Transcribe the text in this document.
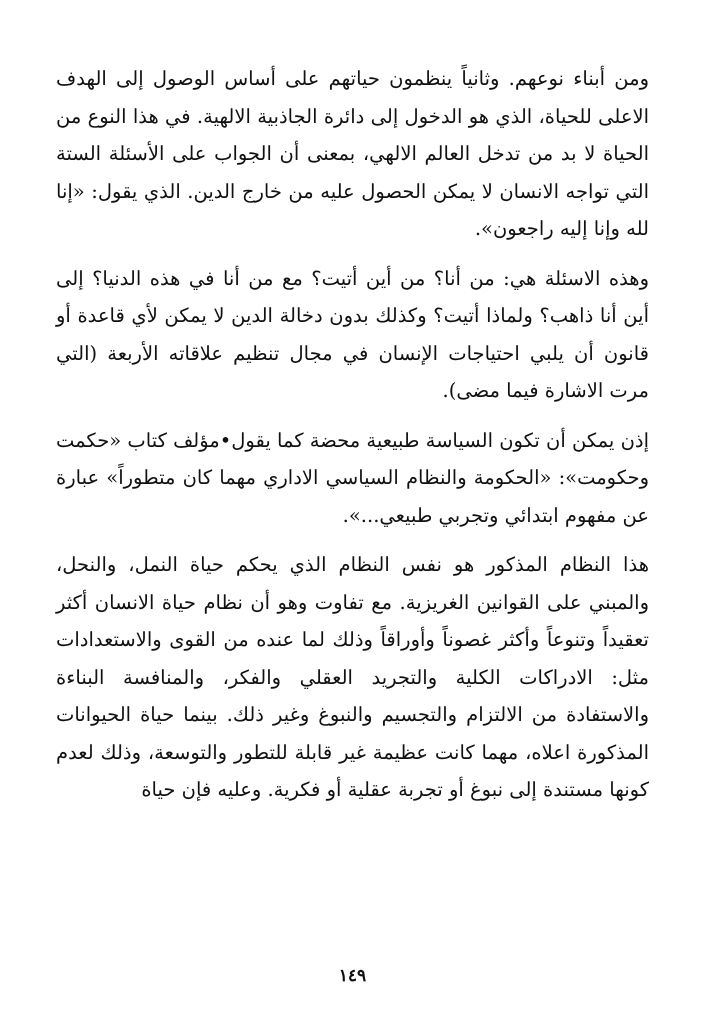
ومن أبناء نوعهم. وثانياً ينظمون حياتهم على أساس الوصول إلى الهدف الاعلى للحياة، الذي هو الدخول إلى دائرة الجاذبية الالهية. في هذا النوع من الحياة لا بد من تدخل العالم الالهي، بمعنى أن الجواب على الأسئلة الستة التي تواجه الانسان لا يمكن الحصول عليه من خارج الدين. الذي يقول: «إنا لله وإنا إليه راجعون».

وهذه الاسئلة هي: من أنا؟ من أين أتيت؟ مع من أنا في هذه الدنيا؟ إلى أين أنا ذاهب؟ ولماذا أتيت؟ وكذلك بدون دخالة الدين لا يمكن لأي قاعدة أو قانون أن يلبي احتياجات الإنسان في مجال تنظيم علاقاته الأربعة (التي مرت الاشارة فيما مضى).

إذن يمكن أن تكون السياسة طبيعية محضة كما يقول•مؤلف كتاب «حكمت وحكومت»: «الحكومة والنظام السياسي الاداري مهما كان متطوراً» عبارة عن مفهوم ابتدائي وتجربي طبيعي...».

هذا النظام المذكور هو نفس النظام الذي يحكم حياة النمل، والنحل، والمبني على القوانين الغريزية. مع تفاوت وهو أن نظام حياة الانسان أكثر تعقيداً وتنوعاً وأكثر غصوناً وأوراقاً وذلك لما عنده من القوى والاستعدادات مثل: الادراكات الكلية والتجريد العقلي والفكر، والمنافسة البناءة والاستفادة من الالتزام والتجسيم والنبوغ وغير ذلك. بينما حياة الحيوانات المذكورة اعلاه، مهما كانت عظيمة غير قابلة للتطور والتوسعة، وذلك لعدم كونها مستندة إلى نبوغ أو تجربة عقلية أو فكرية. وعليه فإن حياة

١٤٩
